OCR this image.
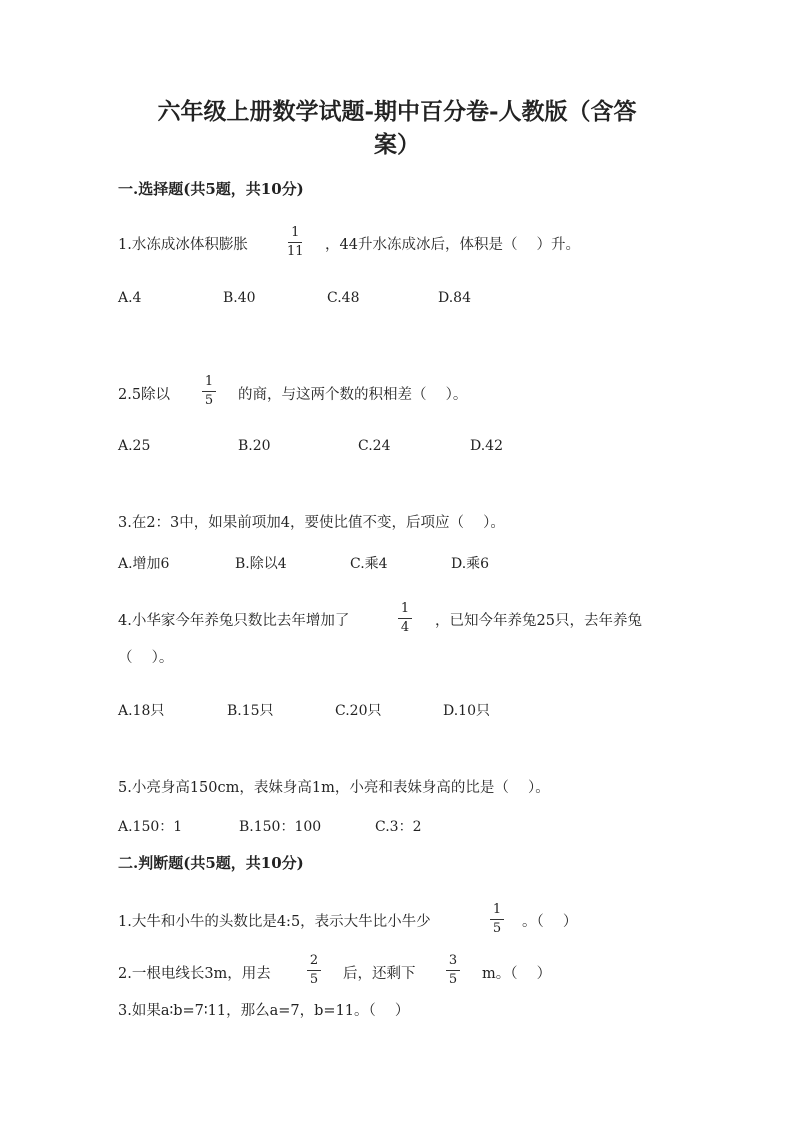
六年级上册数学试题-期中百分卷-人教版（含答
案）
一.选择题(共5题，共10分)
1.水冻成冰体积膨胀
1
11 ，44升水冻成冰后，体积是（　 ）升。
A.4	B.40	C.48	D.84
2.5除以
1
5 的商，与这两个数的积相差（　 ）。
A.25	B.20	C.24	D.42
3.在2：3中，如果前项加4，要使比值不变，后项应（　 ）。
A.增加6	B.除以4	C.乘4	D.乘6
4.小华家今年养兔只数比去年增加了
1
4 ，已知今年养兔25只，去年养兔
（　 ）。
A.18只	B.15只	C.20只	D.10只
5.小亮身高150cm，表妹身高1m，小亮和表妹身高的比是（　 ）。
A.150：1	B.150：100	C.3：2
二.判断题(共5题，共10分)
1.大牛和小牛的头数比是4:5，表示大牛比小牛少
1
5 。（　 ）
2.一根电线长3m，用去
2
5 后，还剩下
3
5 m。（　 ）
3.如果a∶b=7∶11，那么a=7，b=11。（　 ）
